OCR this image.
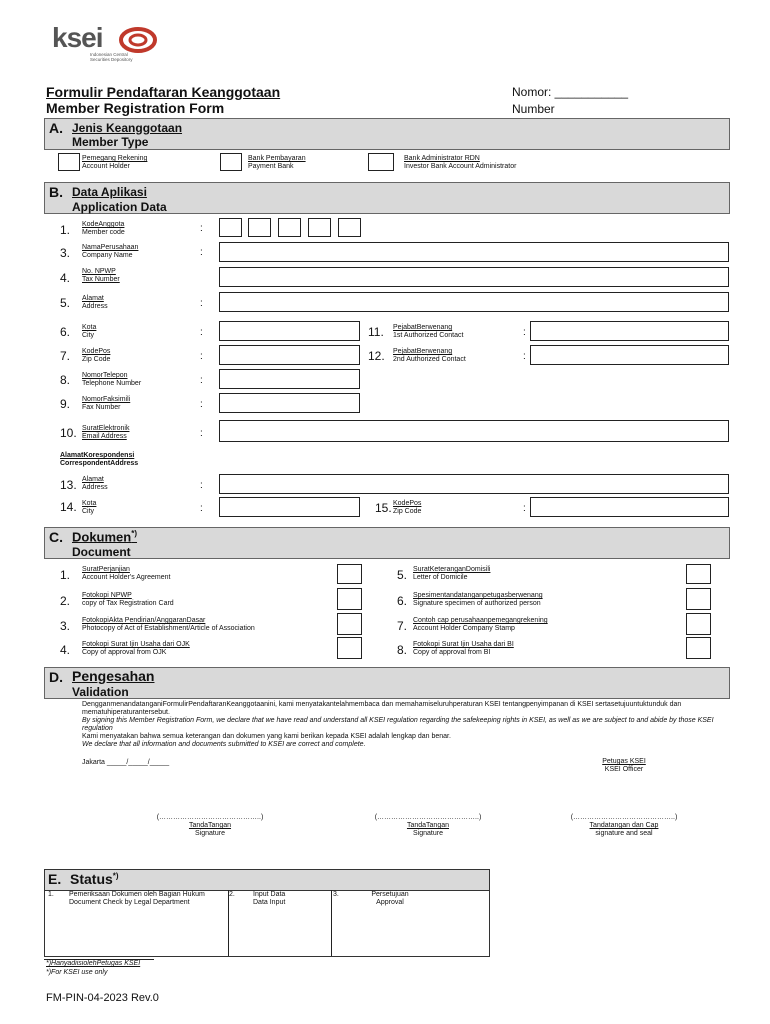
ksei
Indonesian Central
Securities Depository
Formulir Pendaftaran Keanggotaan
Member Registration Form
Nomor: ___________
Number
A. Jenis Keanggotaan
Member Type
Pemegang Rekening
Account Holder
Bank Pembayaran
Payment Bank
Bank Administrator RDN
Investor Bank Account Administrator
B. Data Aplikasi
Application Data
1. KodeAnggota
Member code	:
3. NamaPerusahaan
Company Name	:
4. No. NPWP
Tax Number
5. Alamat
Address	:
6. Kota
City	:
7. KodePos
Zip Code	:
8. NomorTelepon
Telephone Number	:
9. NomorFaksimili
Fax Number	:
10. SuratElektronik
Email Address	:
11. PejabatBerwenang
1st Authorized Contact	:
12. PejabatBerwenang
2nd Authorized Contact	:
AlamatKorespondensi
CorrespondentAddress
13. Alamat
Address	:
14. Kota
City	:	15. KodePos
Zip Code	:
C. Dokumen*)
Document
1. SuratPerjanjian
Account Holder's Agreement
2. Fotokopi NPWP
copy of Tax Registration Card
3. FotokopiAkta Pendirian/AnggaranDasar
Photocopy of Act of Establishment/Article of Association
4. Fotokopi Surat Ijin Usaha dari OJK
Copy of approval from OJK
5. SuratKeteranganDomisili
Letter of Domicile
6. Spesimentandatanganpetugasberwenang
Signature specimen of authorized person
7. Contoh cap perusahaanpemegangrekening
Account Holder Company Stamp
8. Fotokopi Surat Ijin Usaha dari BI
Copy of approval from BI
D. Pengesahan
Validation
DengganmenandatanganiFormulirPendaftaranKeanggotaanini, kami menyatakantelahmembaca dan memahamiseluruhperaturan KSEI tentangpenyimpanan di KSEI sertasetujuuntuktunduk dan mematuhiperaturantersebut.
By signing this Member Registration Form, we declare that we have read and understand all KSEI regulation regarding the safekeeping rights in KSEI, as well as we are subject to and abide by those KSEI regulation
Kami menyatakan bahwa semua keterangan dan dokumen yang kami berikan kepada KSEI adalah lengkap dan benar.
We declare that all information and documents submitted to KSEI are correct and complete.
Jakarta _____/_____/_____	Petugas KSEI
KSEI Officer
(……………………………………..)
TandaTangan
Signature
(……………………………………..)
TandaTangan
Signature
(……………………………………..)
Tandatangan dan Cap
signature and seal
E. Status*)
1. Pemeriksaan Dokumen oleh Bagian Hukum
Document Check by Legal Department
2.	Input Data
Data Input
3.	Persetujuan
Approval
*)HanyadiisiolehPetugas KSEI
*)For KSEI use only
FM-PIN-04-2023 Rev.0
